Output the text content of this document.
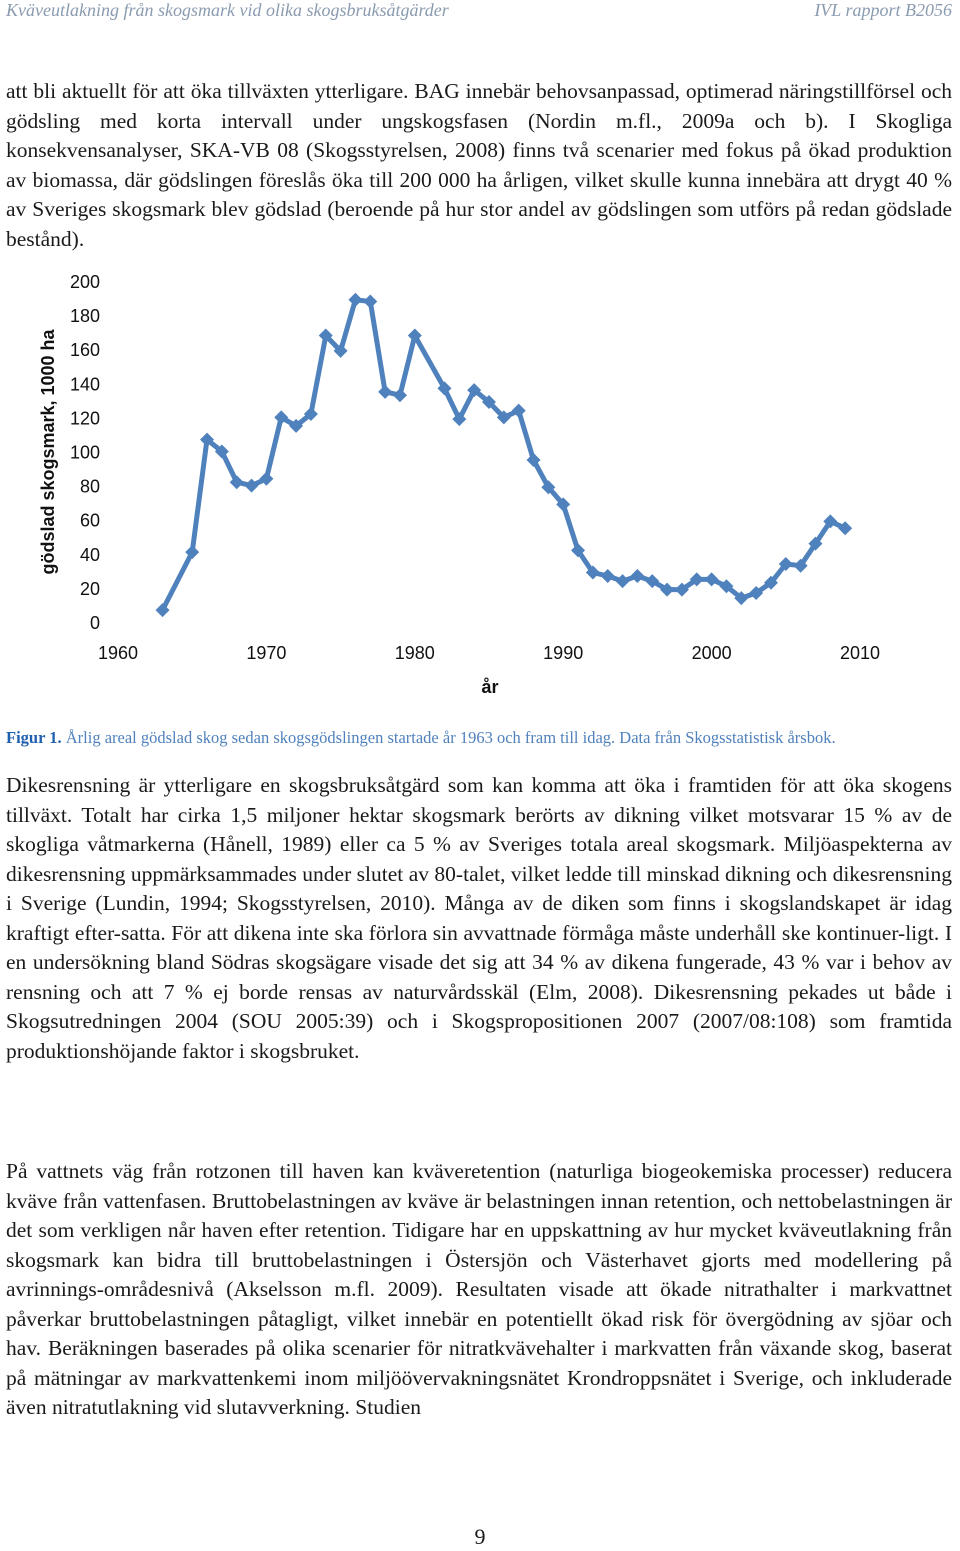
Kväveutlakning från skogsmark vid olika skogsbruksåtgärder	IVL rapport B2056

att bli aktuellt för att öka tillväxten ytterligare. BAG innebär behovsanpassad, optimerad näringstillförsel och gödsling med korta intervall under ungskogsfasen (Nordin m.fl., 2009a och b). I Skogliga konsekvensanalyser, SKA-VB 08 (Skogsstyrelsen, 2008) finns två scenarier med fokus på ökad produktion av biomassa, där gödslingen föreslås öka till 200 000 ha årligen, vilket skulle kunna innebära att drygt 40 % av Sveriges skogsmark blev gödslad (beroende på hur stor andel av gödslingen som utförs på redan gödslade bestånd).

0
20
40
60
80
100
120
140
160
180
200
1960	1970	1980	1990	2000	2010
gödslad skogsmark, 1000 ha
år
Figur 1. Årlig areal gödslad skog sedan skogsgödslingen startade år 1963 och fram till idag. Data från Skogsstatistisk årsbok.

Dikesrensning är ytterligare en skogsbruksåtgärd som kan komma att öka i framtiden för att öka skogens tillväxt. Totalt har cirka 1,5 miljoner hektar skogsmark berörts av dikning vilket motsvarar 15 % av de skogliga våtmarkerna (Hånell, 1989) eller ca 5 % av Sveriges totala areal skogsmark. Miljöaspekterna av dikesrensning uppmärksammades under slutet av 80-talet, vilket ledde till minskad dikning och dikesrensning i Sverige (Lundin, 1994; Skogsstyrelsen, 2010). Många av de diken som finns i skogslandskapet är idag kraftigt efter-satta. För att dikena inte ska förlora sin avvattnade förmåga måste underhåll ske kontinuer-ligt. I en undersökning bland Södras skogsägare visade det sig att 34 % av dikena fungerade, 43 % var i behov av rensning och att 7 % ej borde rensas av naturvårdsskäl (Elm, 2008). Dikesrensning pekades ut både i Skogsutredningen 2004 (SOU 2005:39) och i Skogspropositionen 2007 (2007/08:108) som framtida produktionshöjande faktor i skogsbruket.

På vattnets väg från rotzonen till haven kan kväveretention (naturliga biogeokemiska processer) reducera kväve från vattenfasen. Bruttobelastningen av kväve är belastningen innan retention, och nettobelastningen är det som verkligen når haven efter retention. Tidigare har en uppskattning av hur mycket kväveutlakning från skogsmark kan bidra till bruttobelastningen i Östersjön och Västerhavet gjorts med modellering på avrinnings-områdesnivå (Akselsson m.fl. 2009). Resultaten visade att ökade nitrathalter i markvattnet påverkar bruttobelastningen påtagligt, vilket innebär en potentiellt ökad risk för övergödning av sjöar och hav. Beräkningen baserades på olika scenarier för nitratkvävehalter i markvatten från växande skog, baserat på mätningar av markvattenkemi inom miljöövervakningsnätet Krondroppsnätet i Sverige, och inkluderade även nitratutlakning vid slutavverkning. Studien

9
